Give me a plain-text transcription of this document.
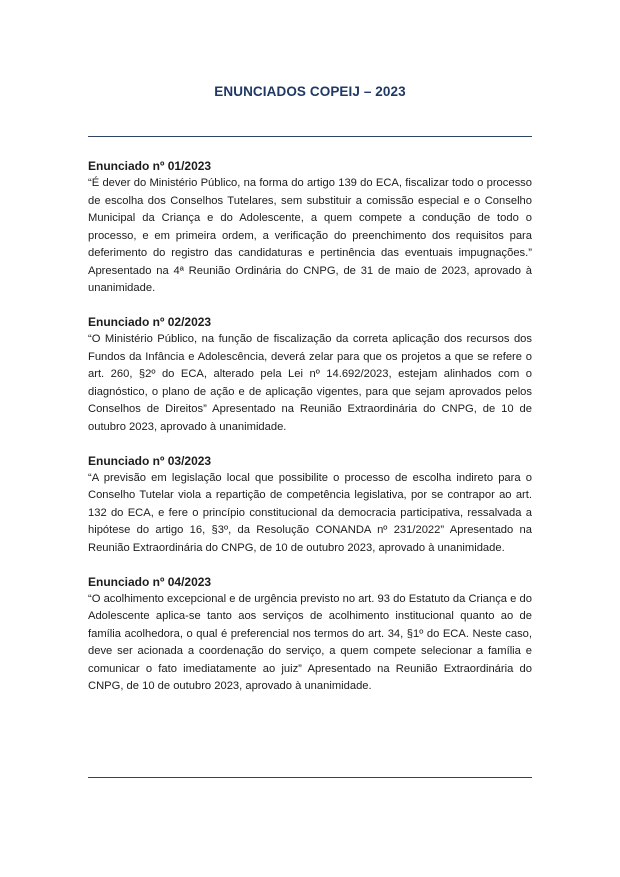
ENUNCIADOS COPEIJ – 2023

Enunciado nº 01/2023

“É dever do Ministério Público, na forma do artigo 139 do ECA, fiscalizar todo o processo de escolha dos Conselhos Tutelares, sem substituir a comissão especial e o Conselho Municipal da Criança e do Adolescente, a quem compete a condução de todo o processo, e em primeira ordem, a verificação do preenchimento dos requisitos para deferimento do registro das candidaturas e pertinência das eventuais impugnações.” Apresentado na 4ª Reunião Ordinária do CNPG, de 31 de maio de 2023, aprovado à unanimidade.

Enunciado nº 02/2023

“O Ministério Público, na função de fiscalização da correta aplicação dos recursos dos Fundos da Infância e Adolescência, deverá zelar para que os projetos a que se refere o art. 260, §2º do ECA, alterado pela Lei nº 14.692/2023, estejam alinhados com o diagnóstico, o plano de ação e de aplicação vigentes, para que sejam aprovados pelos Conselhos de Direitos” Apresentado na Reunião Extraordinária do CNPG, de 10 de outubro 2023, aprovado à unanimidade.

Enunciado nº 03/2023

“A previsão em legislação local que possibilite o processo de escolha indireto para o Conselho Tutelar viola a repartição de competência legislativa, por se contrapor ao art. 132 do ECA, e fere o princípio constitucional da democracia participativa, ressalvada a hipótese do artigo 16, §3º, da Resolução CONANDA nº 231/2022” Apresentado na Reunião Extraordinária do CNPG, de 10 de outubro 2023, aprovado à unanimidade.

Enunciado nº 04/2023

“O acolhimento excepcional e de urgência previsto no art. 93 do Estatuto da Criança e do Adolescente aplica-se tanto aos serviços de acolhimento institucional quanto ao de família acolhedora, o qual é preferencial nos termos do art. 34, §1º do ECA. Neste caso, deve ser acionada a coordenação do serviço, a quem compete selecionar a família e comunicar o fato imediatamente ao juiz” Apresentado na Reunião Extraordinária do CNPG, de 10 de outubro 2023, aprovado à unanimidade.
